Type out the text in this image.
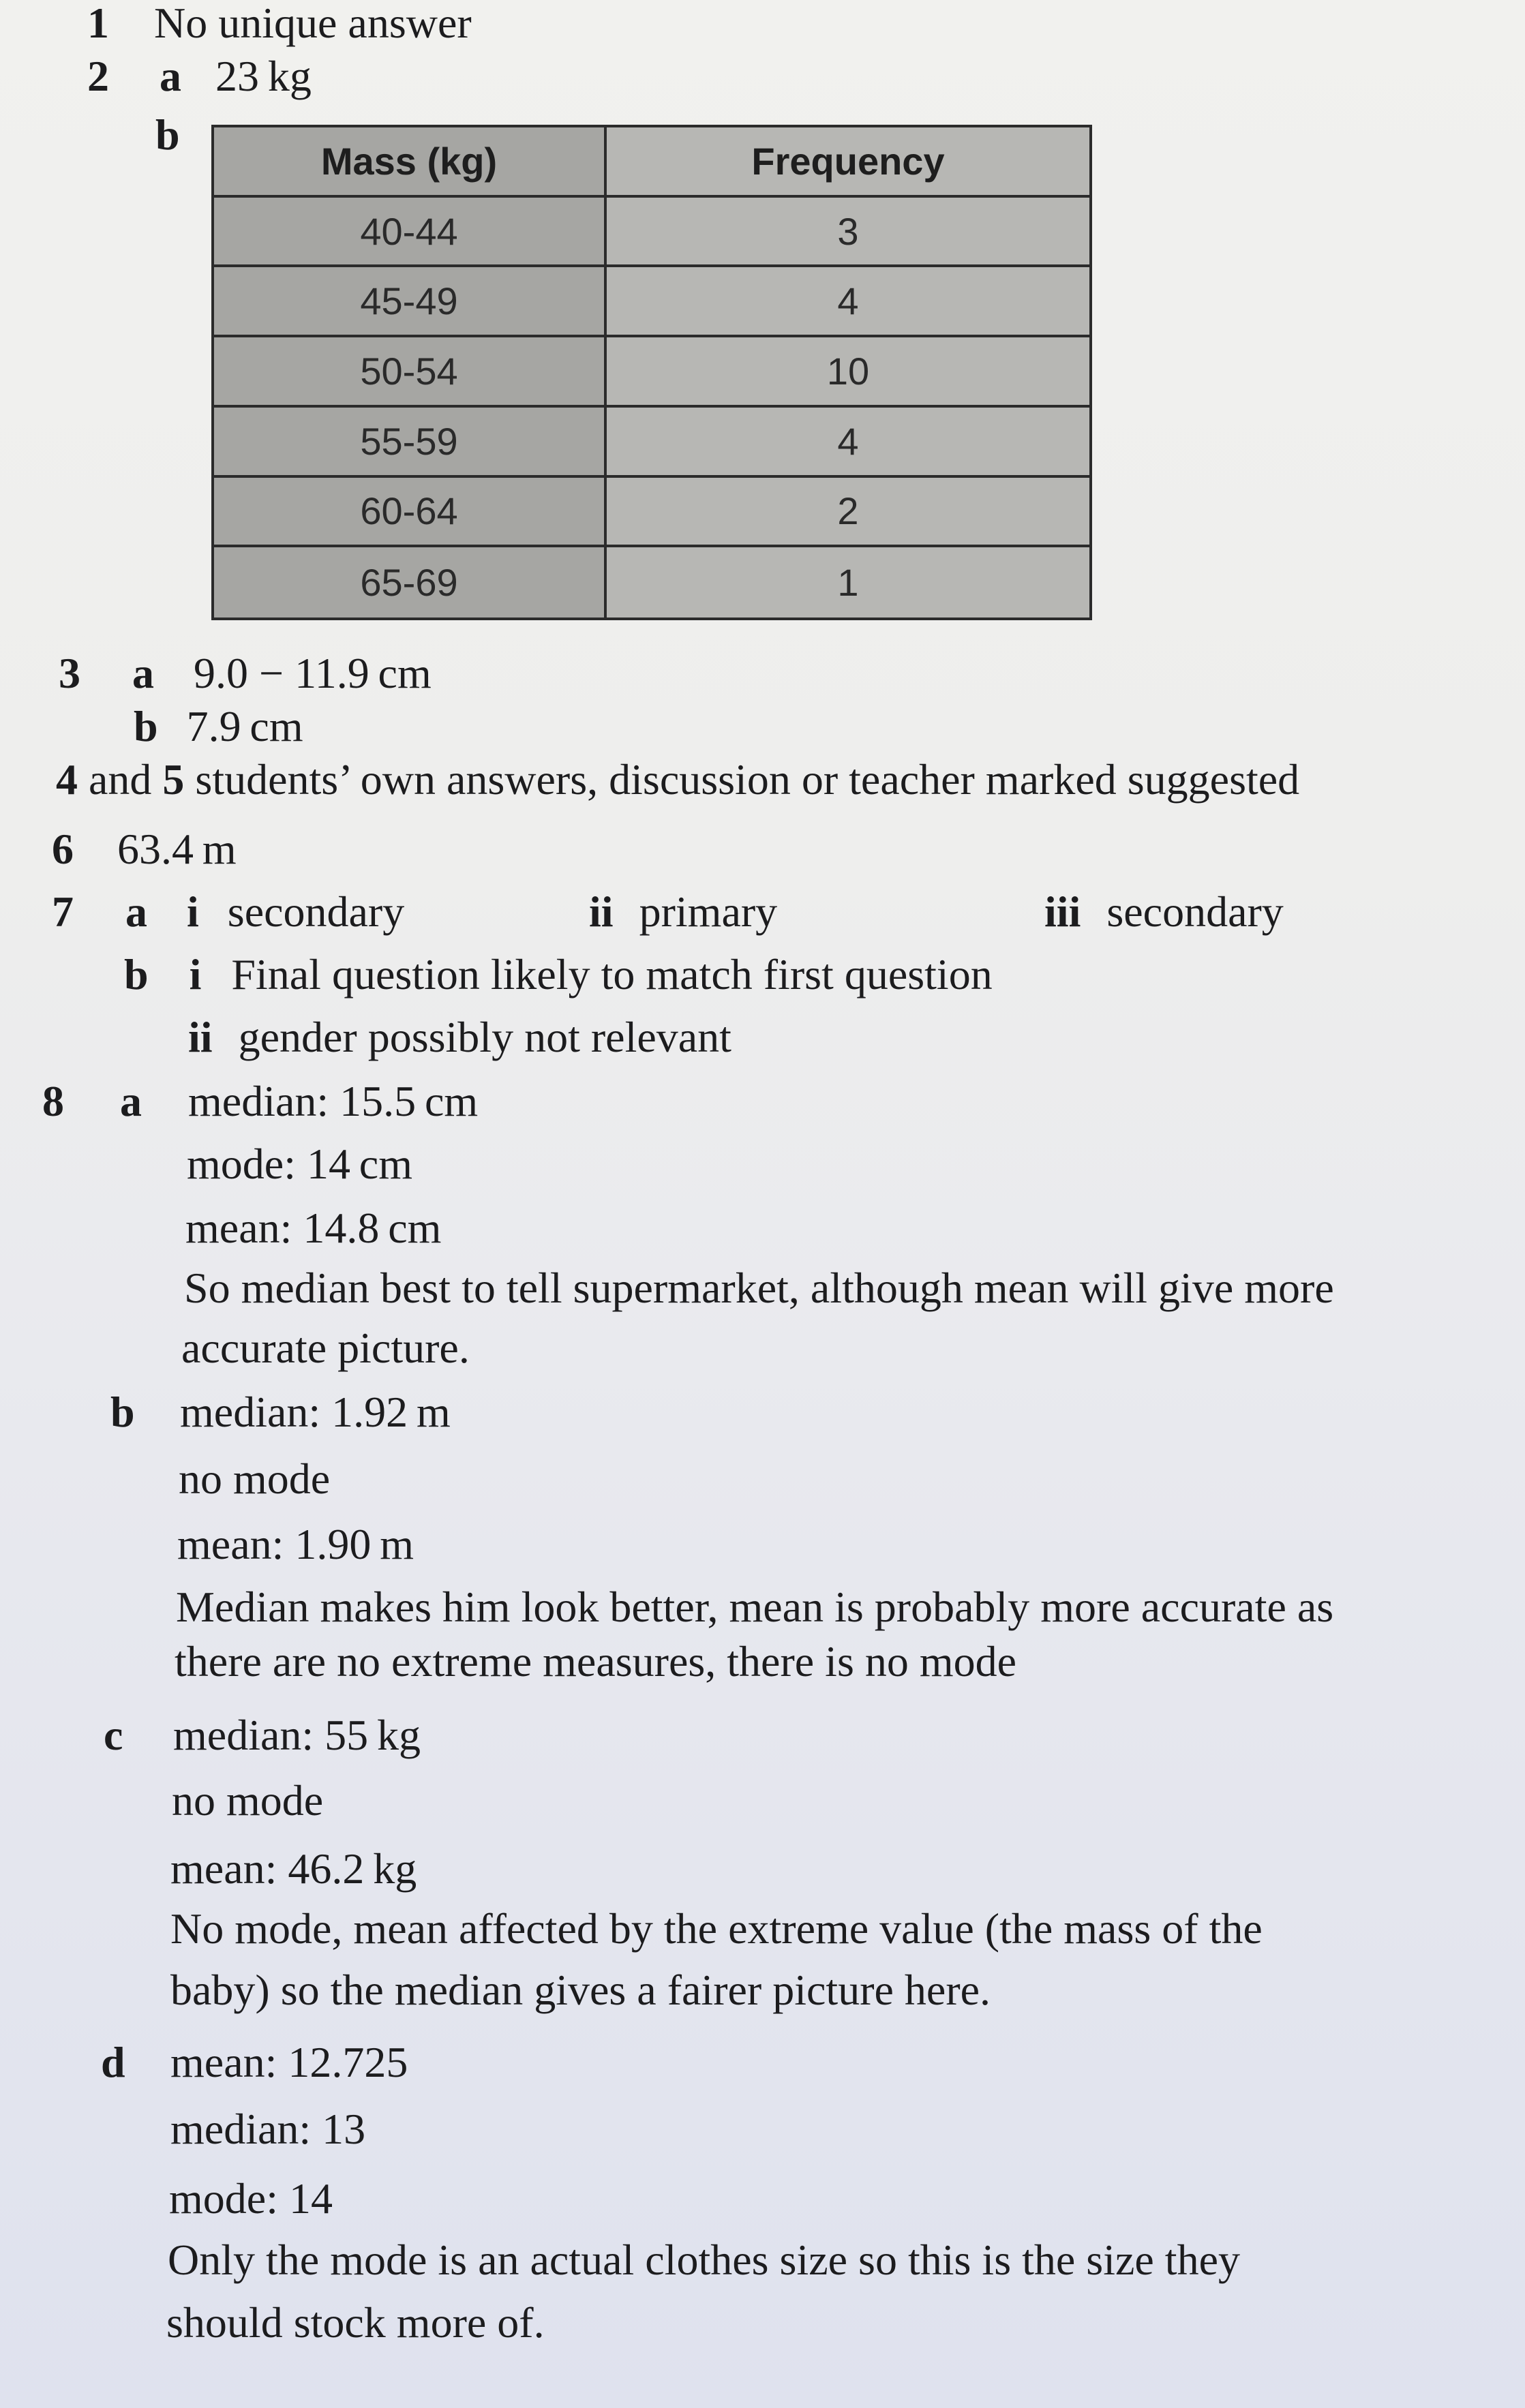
1 No unique answer

2 a 23 kg

b

Mass (kg)	Frequency
40-44	3
45-49	4
50-54	10
55-59	4
60-64	2
65-69	1

3 a 9.0 − 11.9 cm

b 7.9 cm

4 and 5 students’ own answers, discussion or teacher marked suggested

6 63.4 m

7 a i secondary	ii primary	iii secondary

b i Final question likely to match first question

ii gender possibly not relevant

8 a median: 15.5 cm

mode: 14 cm

mean: 14.8 cm

So median best to tell supermarket, although mean will give more

accurate picture.

b median: 1.92 m

no mode

mean: 1.90 m

Median makes him look better, mean is probably more accurate as

there are no extreme measures, there is no mode

c median: 55 kg

no mode

mean: 46.2 kg

No mode, mean affected by the extreme value (the mass of the

baby) so the median gives a fairer picture here.

d mean: 12.725

median: 13

mode: 14

Only the mode is an actual clothes size so this is the size they

should stock more of.
